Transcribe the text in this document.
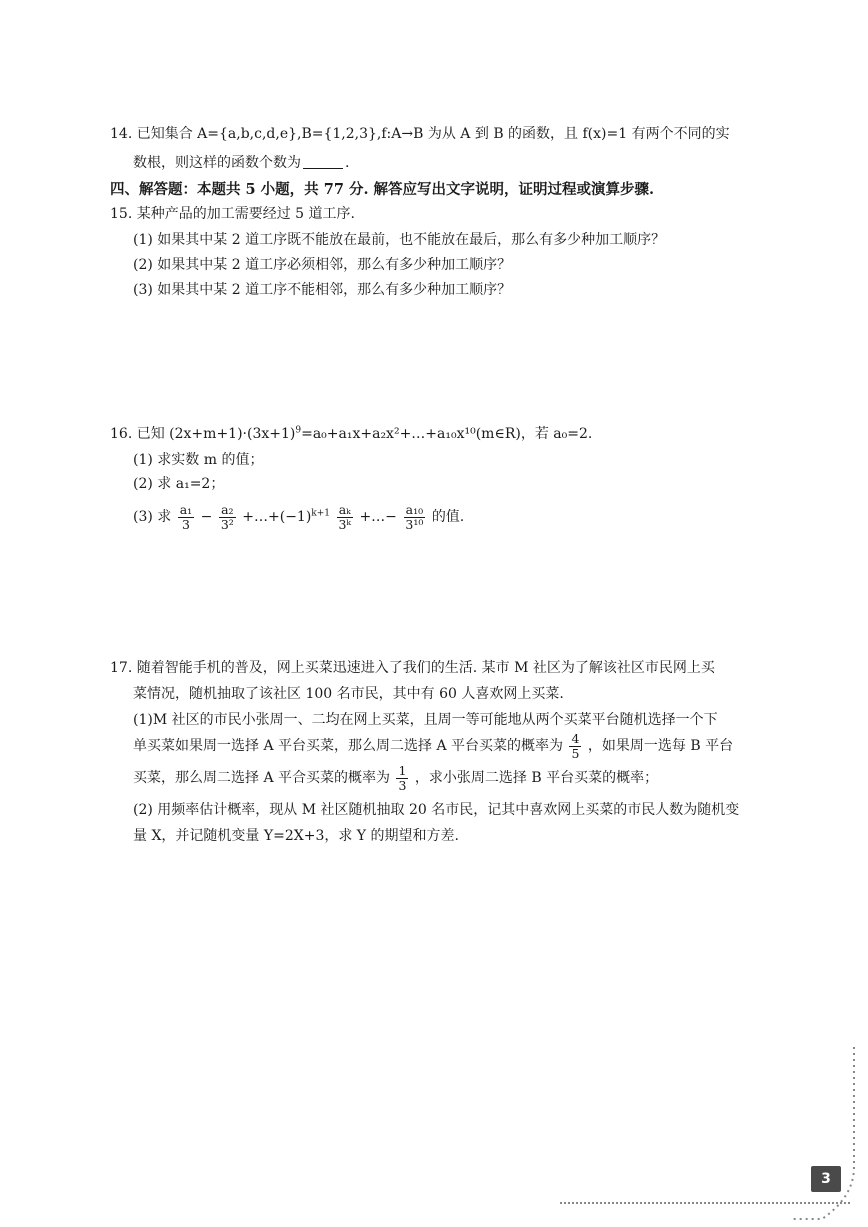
14. 已知集合 A={a,b,c,d,e},B={1,2,3},f:A→B 为从 A 到 B 的函数，且 f(x)=1 有两个不同的实
数根，则这样的函数个数为	.
四、解答题：本题共 5 小题，共 77 分. 解答应写出文字说明，证明过程或演算步骤.
15. 某种产品的加工需要经过 5 道工序.
(1) 如果其中某 2 道工序既不能放在最前，也不能放在最后，那么有多少种加工顺序？
(2) 如果其中某 2 道工序必须相邻，那么有多少种加工顺序？
(3) 如果其中某 2 道工序不能相邻，那么有多少种加工顺序？
16. 已知 $(2x+m+1)\cdot(3x+1)^9=a_0+a_1x+a_2x^2+\dots+a_{10}x^{10}(m\in R)$，若 a₀=2.
(1) 求实数 m 的值；
(2) 求 a₁=2；
(3) 求 $\frac{\text{a₁}}{3} - \frac{\text{a₂}}{\text{3²}}$ $+\dots+(-1)^{k+1} \frac{\text{aₖ}}{\text{3ᵏ}}$ +…− $\frac{\text{a₁₀}}{\text{3¹⁰}}$ 的值.
17. 随着智能手机的普及，网上买菜迅速进入了我们的生活. 某市 M 社区为了解该社区市民网上买
菜情况，随机抽取了该社区 100 名市民，其中有 60 人喜欢网上买菜.
(1)M 社区的市民小张周一、二均在网上买菜，且周一等可能地从两个买菜平台随机选择一个下
单买菜如果周一选择 A 平台买菜，那么周二选择 A 平台买菜的概率为 $\frac{4}{5}$ ，如果周一选每 B 平台
买菜，那么周二选择 A 平合买菜的概率为 $\frac{1}{3}$ ，求小张周二选择 B 平台买菜的概率；
(2) 用频率估计概率，现从 M 社区随机抽取 20 名市民，记其中喜欢网上买菜的市民人数为随机变
量 X，并记随机变量 Y=2X+3，求 Y 的期望和方差.
3
